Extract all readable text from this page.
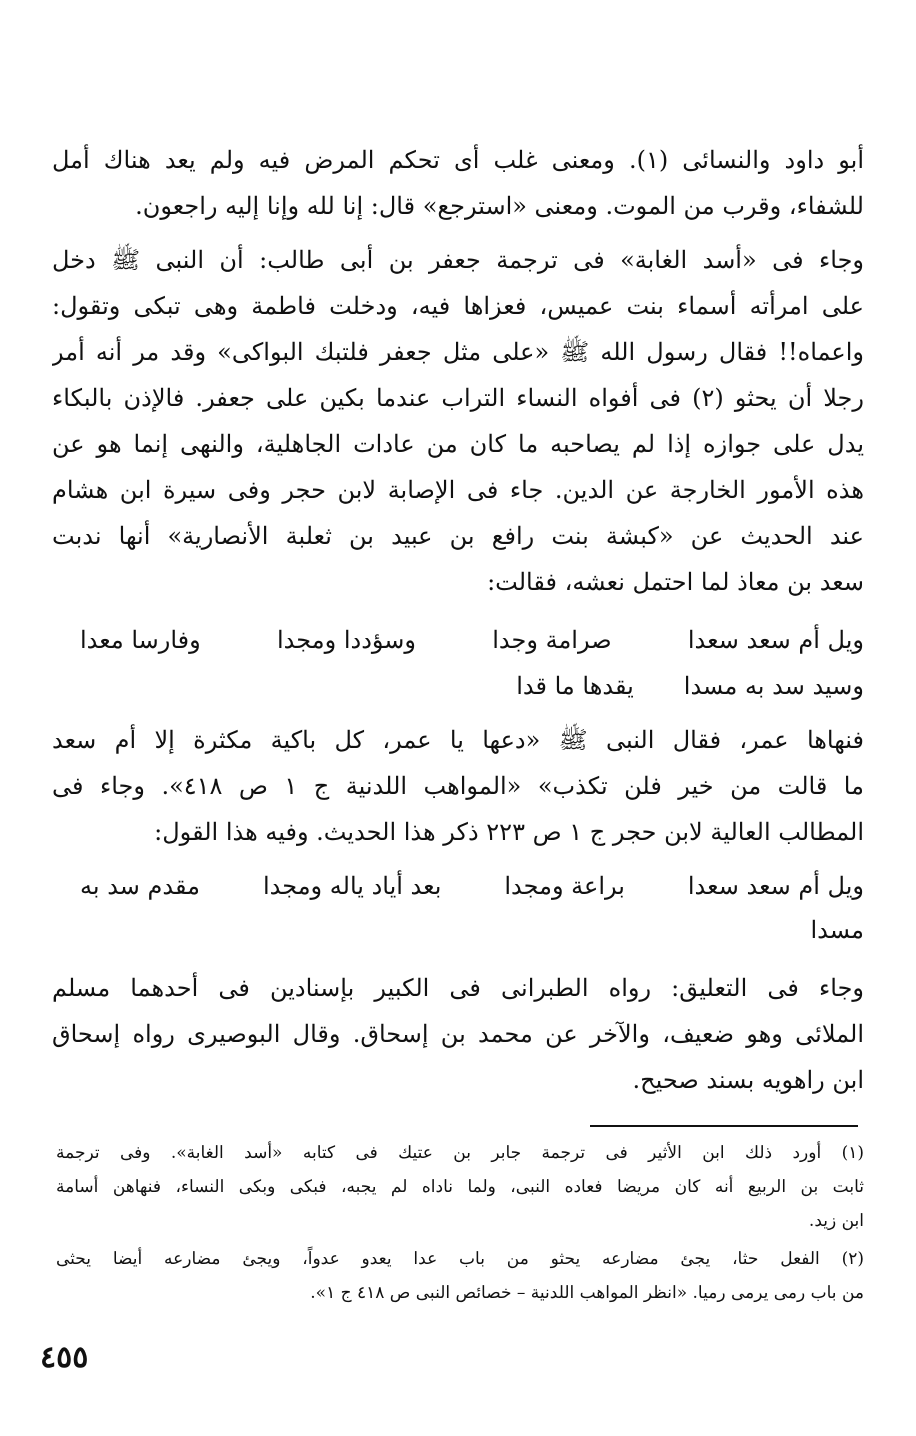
أبو داود والنسائى (١). ومعنى غلب أى تحكم المرض فيه ولم يعد هناك أمل
للشفاء، وقرب من الموت. ومعنى «استرجع» قال: إنا لله وإنا إليه راجعون.
وجاء فى «أسد الغابة» فى ترجمة جعفر بن أبى طالب: أن النبى ﷺ دخل
على امرأته أسماء بنت عميس، فعزاها فيه، ودخلت فاطمة وهى تبكى وتقول:
واعماه!! فقال رسول الله ﷺ «على مثل جعفر فلتبك البواكى» وقد مر أنه أمر
رجلا أن يحثو (٢) فى أفواه النساء التراب عندما بكين على جعفر. فالإذن بالبكاء
يدل على جوازه إذا لم يصاحبه ما كان من عادات الجاهلية، والنهى إنما هو عن
هذه الأمور الخارجة عن الدين. جاء فى الإصابة لابن حجر وفى سيرة ابن هشام
عند الحديث عن «كبشة بنت رافع بن عبيد بن ثعلبة الأنصارية» أنها ندبت
سعد بن معاذ لما احتمل نعشه، فقالت:
ويل أم سعد سعدا
صرامة وجدا
وسؤددا ومجدا
وفارسا معدا
وسيد سد به مسدا
يقدها ما قدا
فنهاها عمر، فقال النبى ﷺ «دعها يا عمر، كل باكية مكثرة إلا أم سعد
ما قالت من خير فلن تكذب» «المواهب اللدنية ج ١ ص ٤١٨». وجاء فى
المطالب العالية لابن حجر ج ١ ص ٢٢٣ ذكر هذا الحديث. وفيه هذا القول:
ويل أم سعد سعدا
براعة ومجدا
بعد أياد ياله ومجدا
مقدم سد به
مسدا
وجاء فى التعليق: رواه الطبرانى فى الكبير بإسنادين فى أحدهما مسلم
الملائى وهو ضعيف، والآخر عن محمد بن إسحاق. وقال البوصيرى رواه إسحاق
ابن راهويه بسند صحيح.
(١) أورد ذلك ابن الأثير فى ترجمة جابر بن عتيك فى كتابه «أسد الغابة». وفى ترجمة
ثابت بن الربيع أنه كان مريضا فعاده النبى، ولما ناداه لم يجبه، فبكى وبكى النساء، فنهاهن أسامة
ابن زيد.
(٢) الفعل حثا، يجئ مضارعه يحثو من باب عدا يعدو عدواً، ويجئ مضارعه أيضا يحثى
من باب رمى يرمى رميا. «انظر المواهب اللدنية – خصائص النبى ص ٤١٨ ج ١».
٤٥٥
